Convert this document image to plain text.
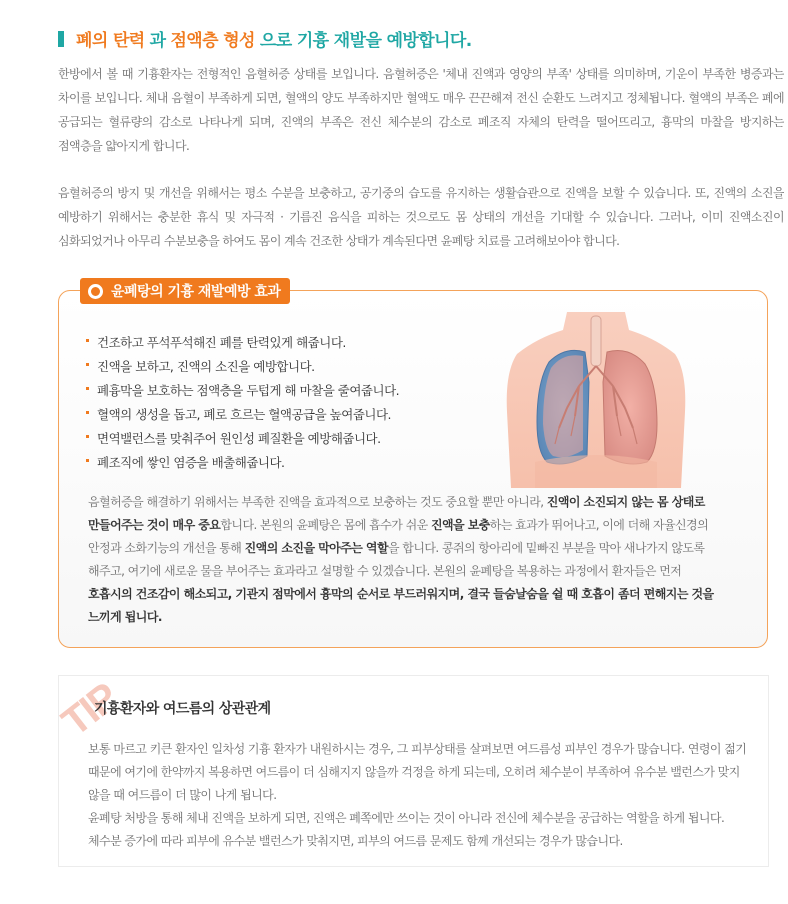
폐의 탄력 과 점액층 형성 으로 기흉 재발을 예방합니다.
한방에서 볼 때 기흉환자는 전형적인 음혈허증 상태를 보입니다. 음혈허증은 '체내 진액과 영양의 부족' 상태를 의미하며, 기운이 부족한 병증과는
차이를 보입니다. 체내 음혈이 부족하게 되면, 혈액의 양도 부족하지만 혈액도 매우 끈끈해져 전신 순환도 느려지고 정체됩니다. 혈액의 부족은 폐에
공급되는 혈류량의 감소로 나타나게 되며, 진액의 부족은 전신 체수분의 감소로 폐조직 자체의 탄력을 떨어뜨리고, 흉막의 마찰을 방지하는
점액층을 얇아지게 합니다.
음혈허증의 방지 및 개선을 위해서는 평소 수분을 보충하고, 공기중의 습도를 유지하는 생활습관으로 진액을 보할 수 있습니다. 또, 진액의 소진을
예방하기 위해서는 충분한 휴식 및 자극적 · 기름진 음식을 피하는 것으로도 몸 상태의 개선을 기대할 수 있습니다. 그러나, 이미 진액소진이
심화되었거나 아무리 수분보충을 하여도 몸이 계속 건조한 상태가 계속된다면 윤폐탕 치료를 고려해보아야 합니다.
윤폐탕의 기흉 재발예방 효과
건조하고 푸석푸석해진 폐를 탄력있게 해줍니다.
진액을 보하고, 진액의 소진을 예방합니다.
폐흉막을 보호하는 점액층을 두텁게 해 마찰을 줄여줍니다.
혈액의 생성을 돕고, 폐로 흐르는 혈액공급을 높여줍니다.
면역밸런스를 맞춰주어 원인성 폐질환을 예방해줍니다.
폐조직에 쌓인 염증을 배출해줍니다.
음혈허증을 해결하기 위해서는 부족한 진액을 효과적으로 보충하는 것도 중요할 뿐만 아니라, 진액이 소진되지 않는 몸 상태로
만들어주는 것이 매우 중요합니다. 본원의 윤폐탕은 몸에 흡수가 쉬운 진액을 보충하는 효과가 뛰어나고, 이에 더해 자율신경의
안정과 소화기능의 개선을 통해 진액의 소진을 막아주는 역할을 합니다. 콩쥐의 항아리에 밑빠진 부분을 막아 새나가지 않도록
해주고, 여기에 새로운 물을 부어주는 효과라고 설명할 수 있겠습니다. 본원의 윤폐탕을 복용하는 과정에서 환자들은 먼저
호흡시의 건조감이 해소되고, 기관지 점막에서 흉막의 순서로 부드러워지며, 결국 들숨날숨을 쉴 때 호흡이 좀더 편해지는 것을
느끼게 됩니다.
TIP
기흉환자와 여드름의 상관관계
보통 마르고 키큰 환자인 일차성 기흉 환자가 내원하시는 경우, 그 피부상태를 살펴보면 여드름성 피부인 경우가 많습니다. 연령이 젊기
때문에 여기에 한약까지 복용하면 여드름이 더 심해지지 않을까 걱정을 하게 되는데, 오히려 체수분이 부족하여 유수분 밸런스가 맞지
않을 때 여드름이 더 많이 나게 됩니다.
윤폐탕 처방을 통해 체내 진액을 보하게 되면, 진액은 폐쪽에만 쓰이는 것이 아니라 전신에 체수분을 공급하는 역할을 하게 됩니다.
체수분 증가에 따라 피부에 유수분 밸런스가 맞춰지면, 피부의 여드름 문제도 함께 개선되는 경우가 많습니다.
